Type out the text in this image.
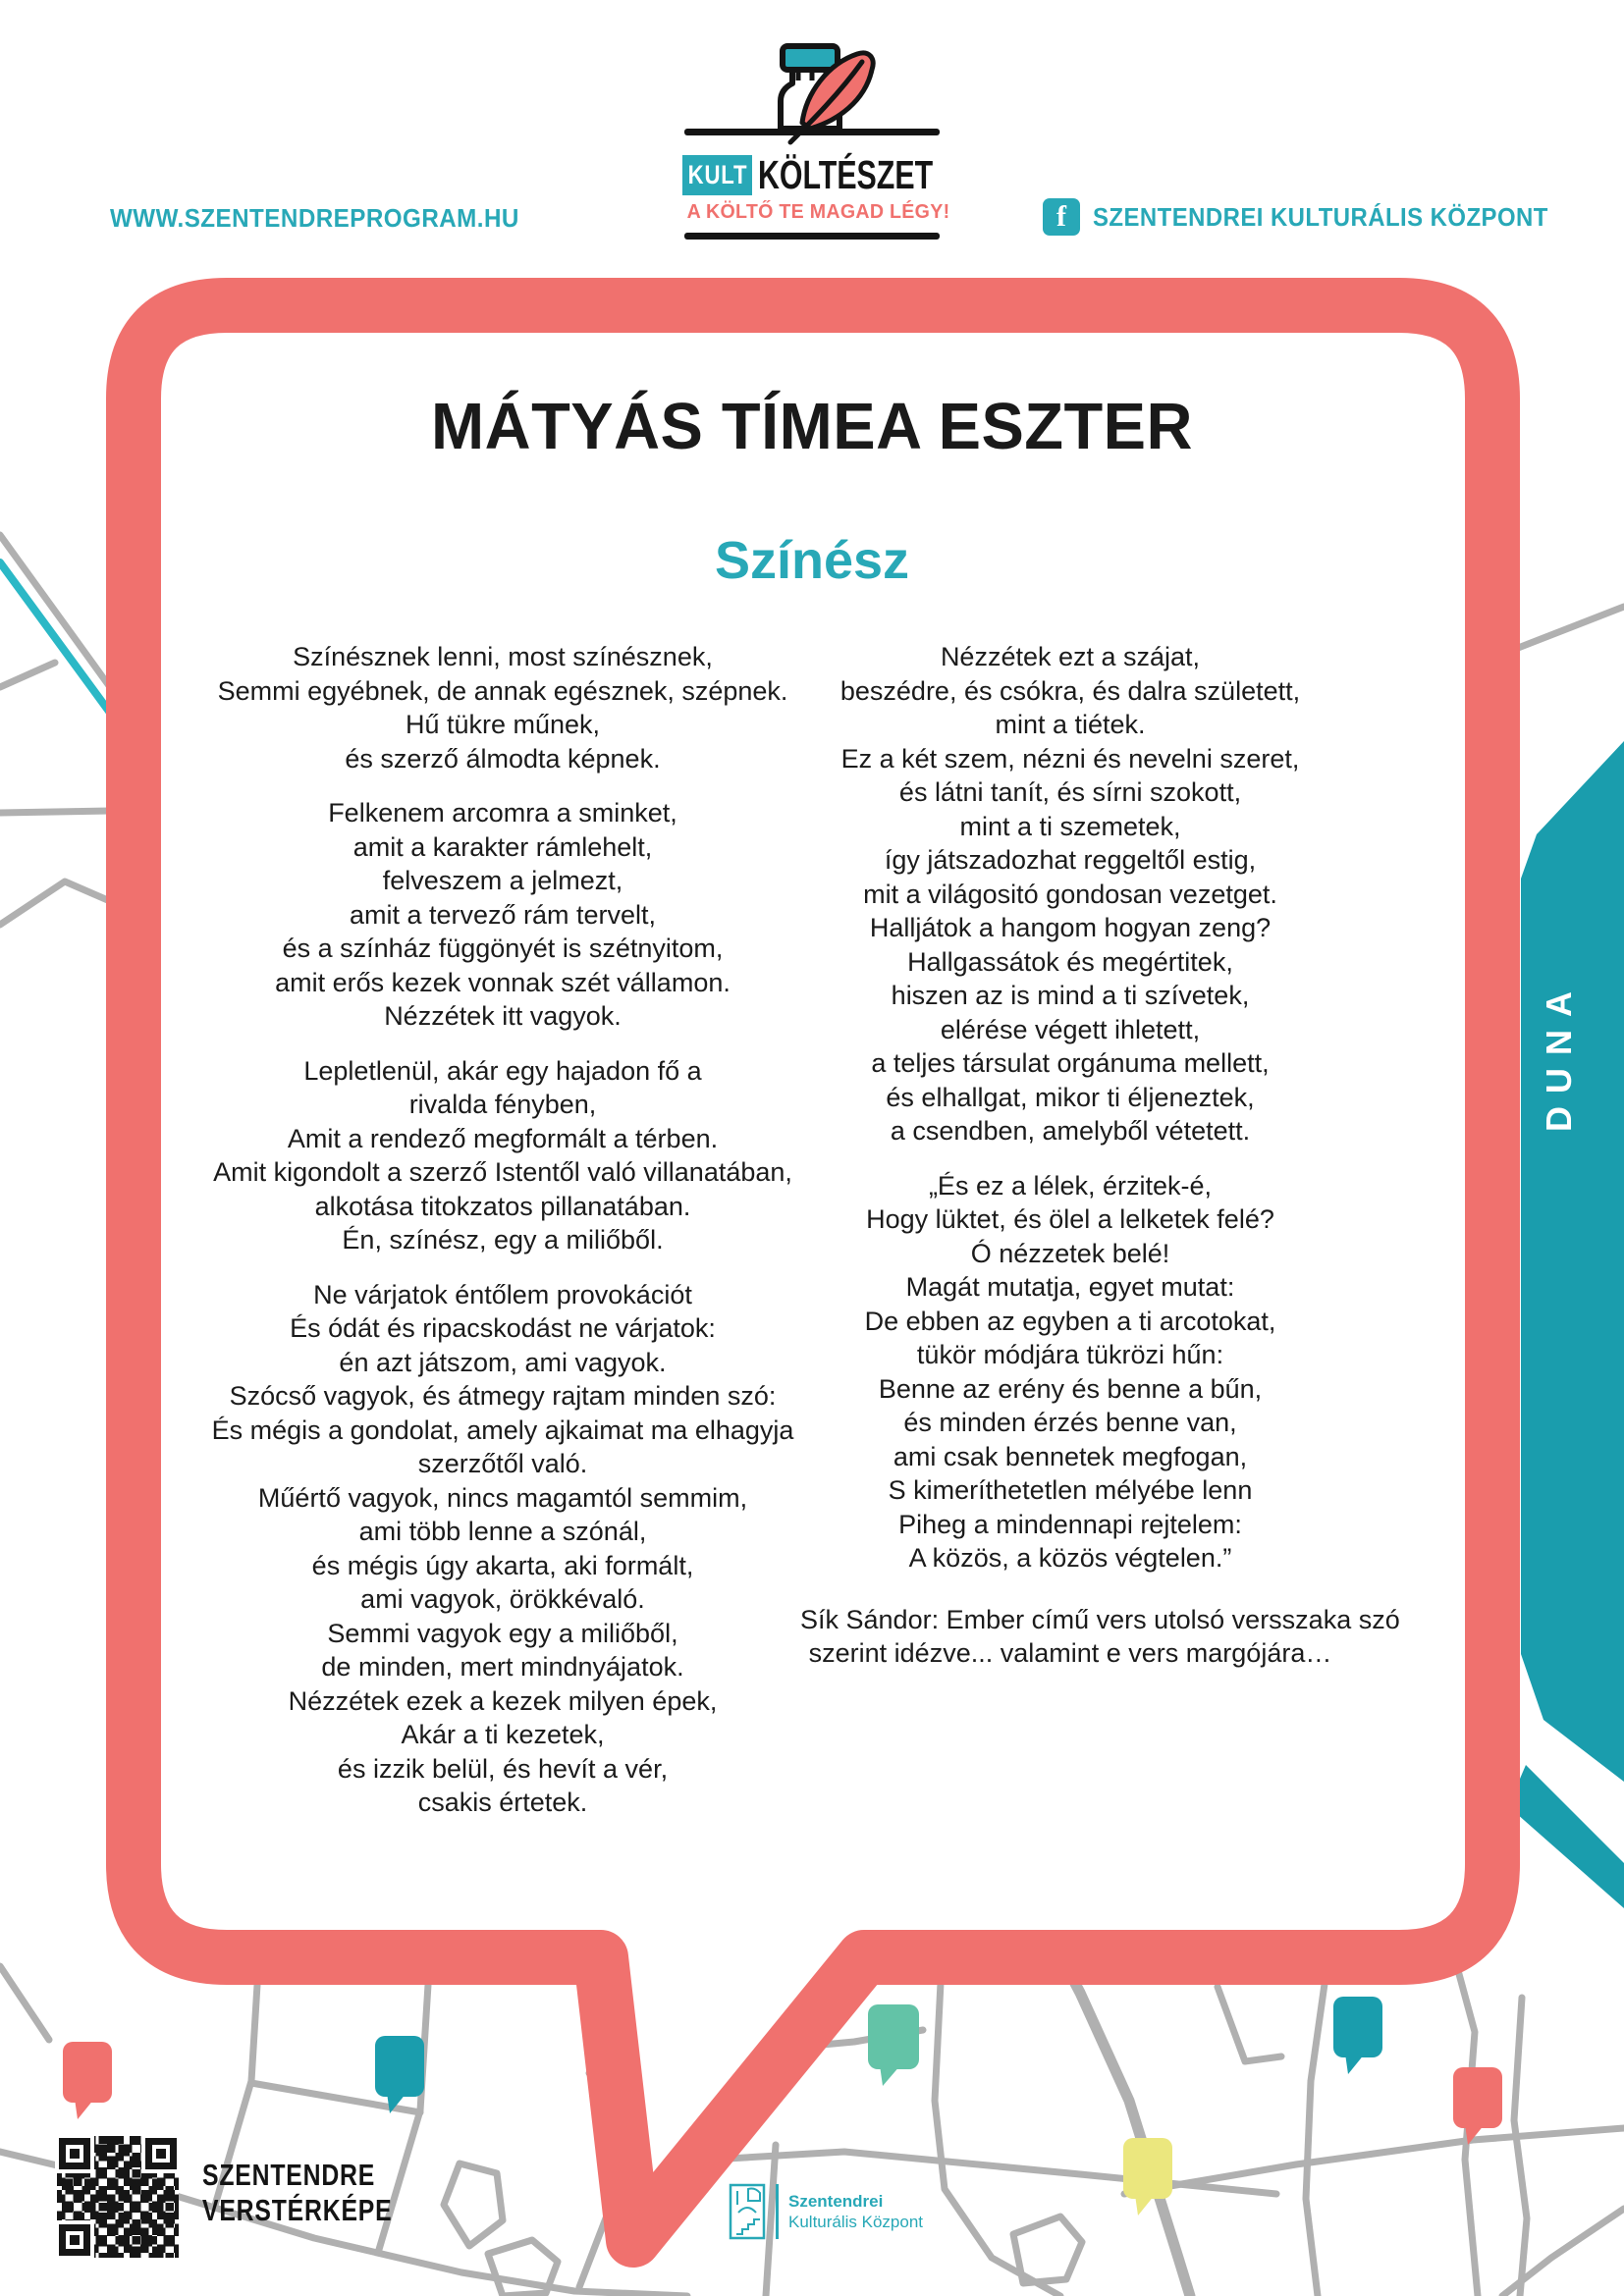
DUNA
WWW.SZENTENDREPROGRAM.HU	f	SZENTENDREI KULTURÁLIS KÖZPONT
KULT KÖLTÉSZET
A KÖLTŐ TE MAGAD LÉGY!
MÁTYÁS TÍMEA ESZTER
Színész
Színésznek lenni, most színésznek,
Semmi egyébnek, de annak egésznek, szépnek.
Hű tükre műnek,
és szerző álmodta képnek.
Felkenem arcomra a sminket,
amit a karakter rámlehelt,
felveszem a jelmezt,
amit a tervező rám tervelt,
és a színház függönyét is szétnyitom,
amit erős kezek vonnak szét vállamon.
Nézzétek itt vagyok.
Lepletlenül, akár egy hajadon fő a
rivalda fényben,
Amit a rendező megformált a térben.
Amit kigondolt a szerző Istentől való villanatában,
alkotása titokzatos pillanatában.
Én, színész, egy a miliőből.
Ne várjatok éntőlem provokációt
És ódát és ripacskodást ne várjatok:
én azt játszom, ami vagyok.
Szócső vagyok, és átmegy rajtam minden szó:
És mégis a gondolat, amely ajkaimat ma elhagyja
szerzőtől való.
Műértő vagyok, nincs magamtól semmim,
ami több lenne a szónál,
és mégis úgy akarta, aki formált,
ami vagyok, örökkévaló.
Semmi vagyok egy a miliőből,
de minden, mert mindnyájatok.
Nézzétek ezek a kezek milyen épek,
Akár a ti kezetek,
és izzik belül, és hevít a vér,
csakis értetek.
Nézzétek ezt a szájat,
beszédre, és csókra, és dalra született,
mint a tiétek.
Ez a két szem, nézni és nevelni szeret,
és látni tanít, és sírni szokott,
mint a ti szemetek,
így játszadozhat reggeltől estig,
mit a világositó gondosan vezetget.
Halljátok a hangom hogyan zeng?
Hallgassátok és megértitek,
hiszen az is mind a ti szívetek,
elérése végett ihletett,
a teljes társulat orgánuma mellett,
és elhallgat, mikor ti éljeneztek,
a csendben, amelyből vétetett.
„És ez a lélek, érzitek-é,
Hogy lüktet, és ölel a lelketek felé?
Ó nézzetek belé!
Magát mutatja, egyet mutat:
De ebben az egyben a ti arcotokat,
tükör módjára tükrözi hűn:
Benne az erény és benne a bűn,
és minden érzés benne van,
ami csak bennetek megfogan,
S kimeríthetetlen mélyébe lenn
Piheg a mindennapi rejtelem:
A közös, a közös végtelen.”
Sík Sándor: Ember című vers utolsó versszaka szó
szerint idézve... valamint e vers margójára…
SZENTENDRE
VERSTÉRKÉPE	Szentendrei
Kulturális Központ
